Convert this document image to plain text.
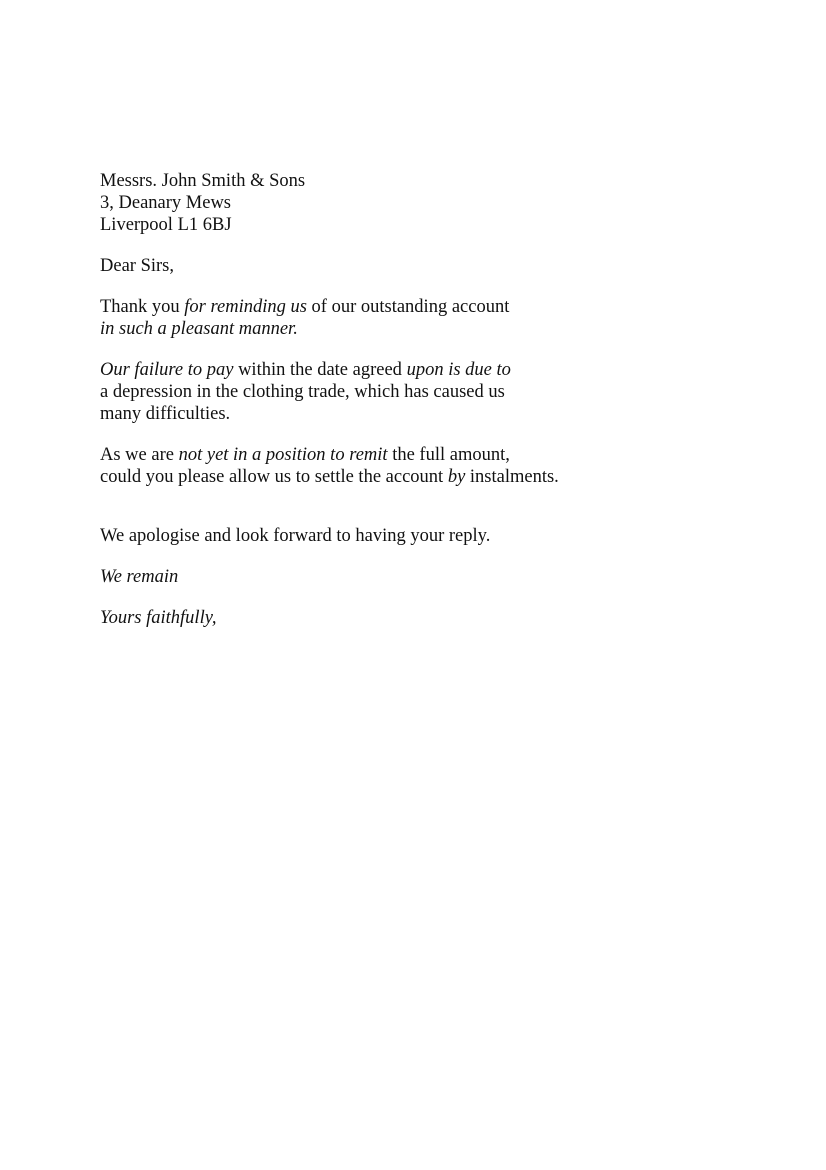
Messrs. John Smith & Sons
3, Deanary Mews
Liverpool L1 6BJ
Dear Sirs,
Thank you for reminding us of our outstanding account
in such a pleasant manner.
Our failure to pay within the date agreed upon is due to
a depression in the clothing trade, which has caused us
many difficulties.
As we are not yet in a position to remit the full amount,
could you please allow us to settle the account by instalments.
We apologise and look forward to having your reply.
We remain
Yours faithfully,
